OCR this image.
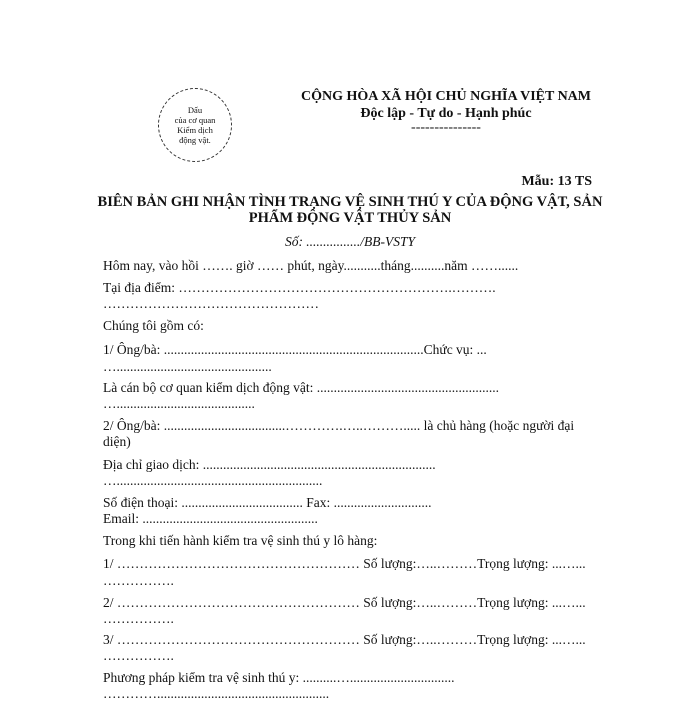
Dấu
của cơ quan
Kiểm dịch
động vật.
CỘNG HÒA XÃ HỘI CHỦ NGHĨA VIỆT NAM
Độc lập - Tự do - Hạnh phúc
---------------
Mẫu: 13 TS
BIÊN BẢN GHI NHẬN TÌNH TRẠNG VỆ SINH THÚ Y CỦA ĐỘNG VẬT, SẢN
PHẨM ĐỘNG VẬT THỦY SẢN
Số: ................/BB-VSTY
Hôm nay, vào hồi ……. giờ …… phút, ngày...........tháng..........năm ……......
Tại địa điểm: …………………………………………………….……….
…………………………………………
Chúng tôi gồm có:
1/ Ông/bà: .............................................................................Chức vụ: ...
…..............................................
Là cán bộ cơ quan kiểm dịch động vật: ......................................................
….........................................
2/ Ông/bà: ....................................………….…..………..... là chủ hàng (hoặc người đại
diện)
Địa chỉ giao dịch: .....................................................................
….............................................................
Số điện thoại: .................................... Fax: .............................
Email: ....................................................
Trong khi tiến hành kiểm tra vệ sinh thú y lô hàng:
1/ ……………………………………………… Số lượng:…..………Trọng lượng: ...…...
…………….
2/ ……………………………………………… Số lượng:…..………Trọng lượng: ...…...
…………….
3/ ……………………………………………… Số lượng:…..………Trọng lượng: ...…...
…………….
Phương pháp kiểm tra vệ sinh thú y: ..........…...............................
…………...................................................
